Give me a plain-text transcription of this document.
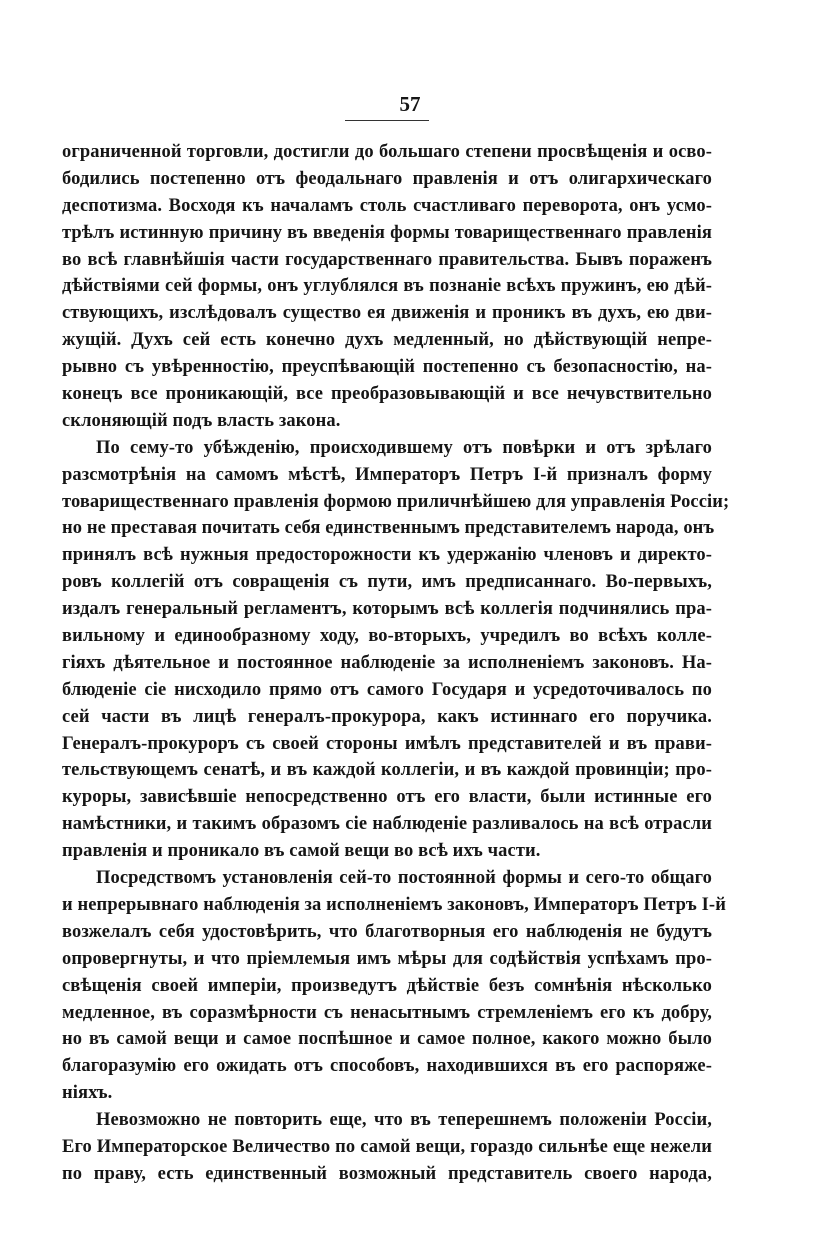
57
ограниченной торговли, достигли до большаго степени просвѣщенія и осво-
бодились постепенно отъ феодальнаго правленія и отъ олигархическаго
деспотизма. Восходя къ началамъ столь счастливаго переворота, онъ усмо-
трѣлъ истинную причину въ введенія формы товарищественнаго правленія
во всѣ главнѣйшія части государственнаго правительства. Бывъ пораженъ
дѣйствіями сей формы, онъ углублялся въ познаніе всѣхъ пружинъ, ею дѣй-
ствующихъ, изслѣдовалъ существо ея движенія и проникъ въ духъ, ею дви-
жущій. Духъ сей есть конечно духъ медленный, но дѣйствующій непре-
рывно съ увѣренностію, преуспѣвающій постепенно съ безопасностію, на-
конецъ все проникающій, все преобразовывающій и все нечувствительно
склоняющій подъ власть закона.
По сему-то убѣжденію, происходившему отъ повѣрки и отъ зрѣлаго
разсмотрѣнія на самомъ мѣстѣ, Императоръ Петръ I-й призналъ форму
товарищественнаго правленія формою приличнѣйшею для управленія Россіи;
но не преставая почитать себя единственнымъ представителемъ народа, онъ
принялъ всѣ нужныя предосторожности къ удержанію членовъ и директо-
ровъ коллегій отъ совращенія съ пути, имъ предписаннаго. Во-первыхъ,
издалъ генеральный регламентъ, которымъ всѣ коллегія подчинялись пра-
вильному и единообразному ходу, во-вторыхъ, учредилъ во всѣхъ колле-
гіяхъ дѣятельное и постоянное наблюденіе за исполненіемъ законовъ. На-
блюденіе сіе нисходило прямо отъ самого Государя и усредоточивалось по
сей части въ лицѣ генералъ-прокурора, какъ истиннаго его поручика.
Генералъ-прокуроръ съ своей стороны имѣлъ представителей и въ прави-
тельствующемъ сенатѣ, и въ каждой коллегіи, и въ каждой провинціи; про-
куроры, зависѣвшіе непосредственно отъ его власти, были истинные его
намѣстники, и такимъ образомъ сіе наблюденіе разливалось на всѣ отрасли
правленія и проникало въ самой вещи во всѣ ихъ части.
Посредствомъ установленія сей-то постоянной формы и сего-то общаго
и непрерывнаго наблюденія за исполненіемъ законовъ, Императоръ Петръ I-й
возжелалъ себя удостовѣрить, что благотворныя его наблюденія не будутъ
опровергнуты, и что пріемлемыя имъ мѣры для содѣйствія успѣхамъ про-
свѣщенія своей имперіи, произведутъ дѣйствіе безъ сомнѣнія нѣсколько
медленное, въ соразмѣрности съ ненасытнымъ стремленіемъ его къ добру,
но въ самой вещи и самое поспѣшное и самое полное, какого можно было
благоразумію его ожидать отъ способовъ, находившихся въ его распоряже-
ніяхъ.
Невозможно не повторить еще, что въ теперешнемъ положеніи Россіи,
Его Императорское Величество по самой вещи, гораздо сильнѣе еще нежели
по праву, есть единственный возможный представитель своего народа,
